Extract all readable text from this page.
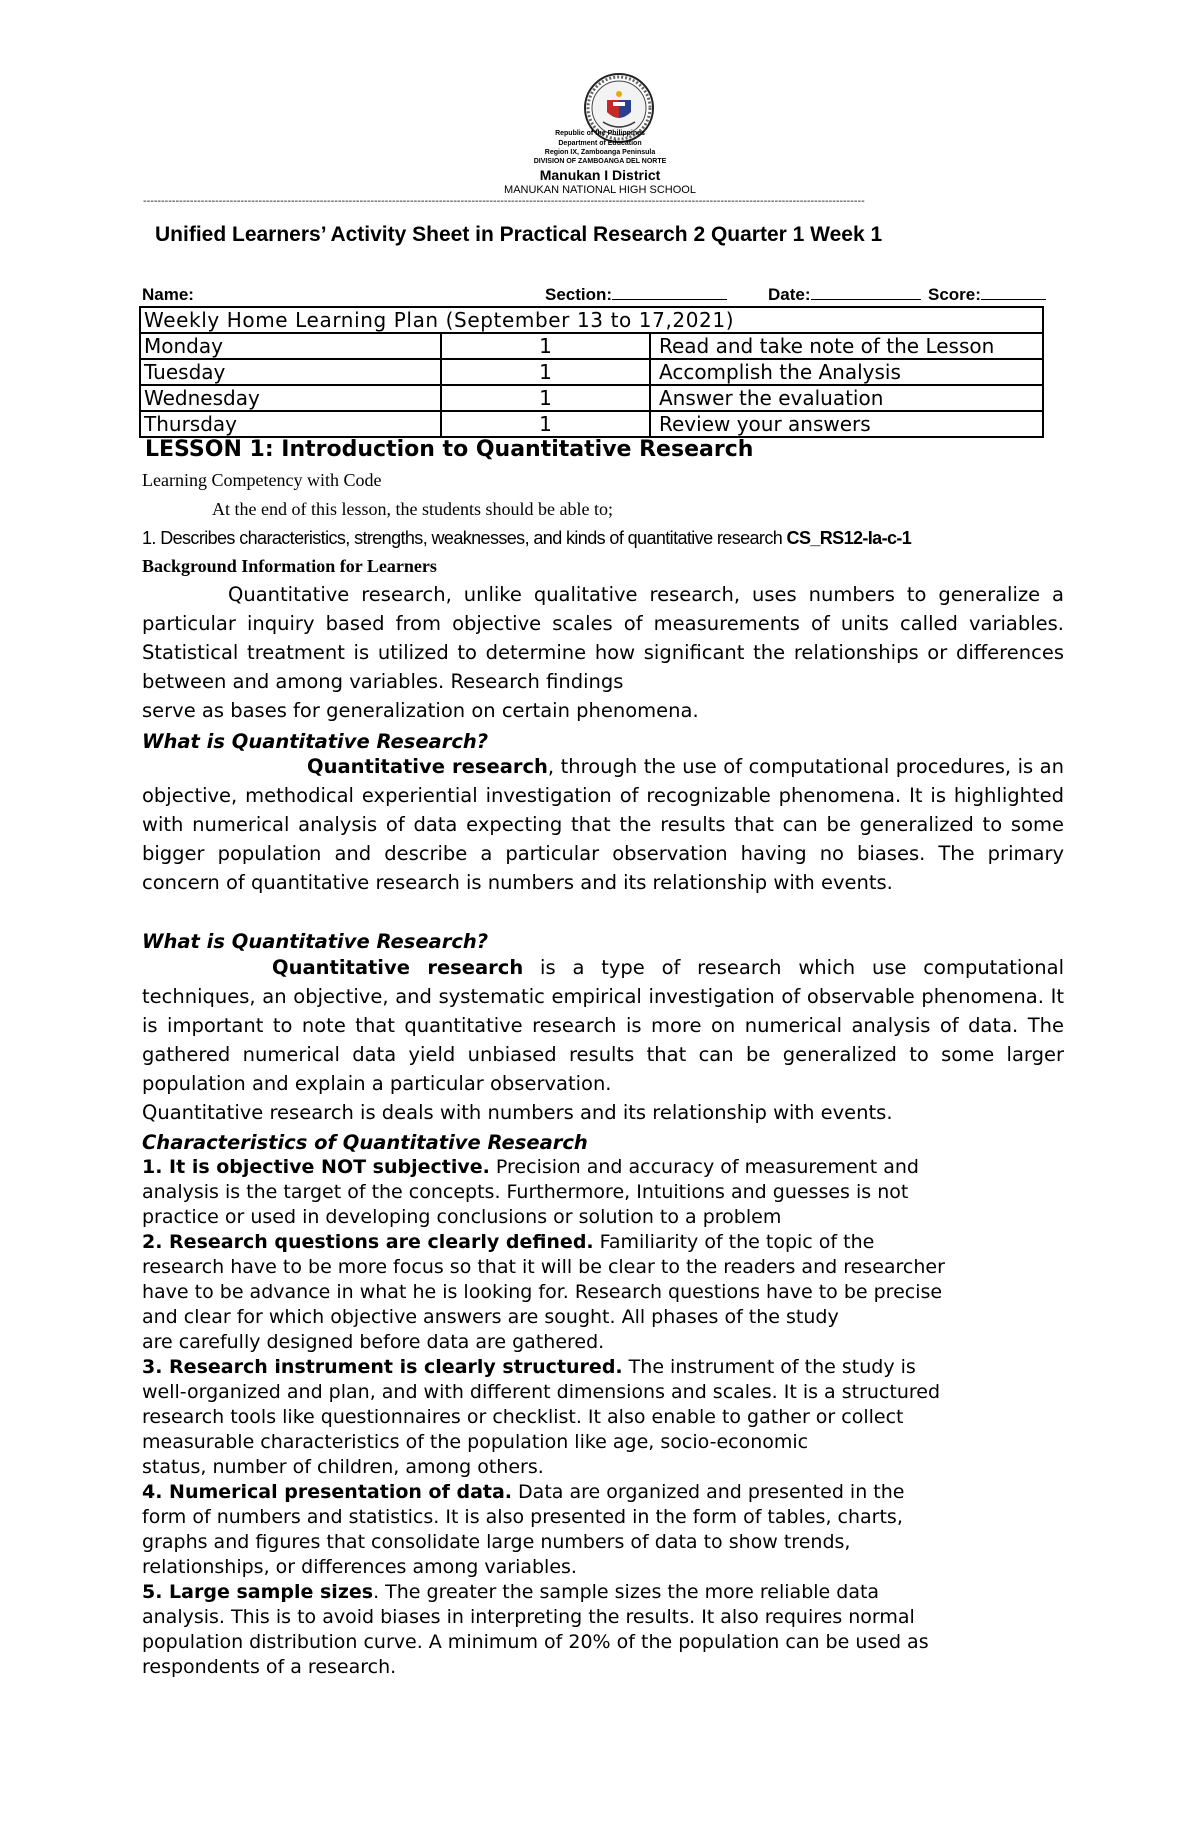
Republic of the Philippines
Department of Education
Region IX, Zamboanga Peninsula
DIVISION OF ZAMBOANGA DEL NORTE
Manukan I District
MANUKAN NATIONAL HIGH SCHOOL
--------------------------------------------------------------------------------------------------------------------------------------------------------------------------------------------------------
Unified Learners’ Activity Sheet in Practical Research 2 Quarter 1 Week 1
Name:	Section:	Date:	Score:
Weekly Home Learning Plan (September 13 to 17,2021)
Monday	1	Read and take note of the Lesson
Tuesday	1	Accomplish the Analysis
Wednesday	1	Answer the evaluation
Thursday	1	Review your answers
LESSON 1: Introduction to Quantitative Research
Learning Competency with Code
At the end of this lesson, the students should be able to;
1. Describes characteristics, strengths, weaknesses, and kinds of quantitative research CS_RS12-Ia-c-1
Background Information for Learners
Quantitative research, unlike qualitative research, uses numbers to generalize a particular inquiry based from objective scales of measurements of units called variables. Statistical treatment is utilized to determine how significant the relationships or differences between and among variables. Research findings
serve as bases for generalization on certain phenomena.
What is Quantitative Research?
Quantitative research, through the use of computational procedures, is an objective, methodical experiential investigation of recognizable phenomena. It is highlighted with numerical analysis of data expecting that the results that can be generalized to some bigger population and describe a particular observation having no biases. The primary concern of quantitative research is numbers and its relationship with events.
What is Quantitative Research?
Quantitative research is a type of research which use computational techniques, an objective, and systematic empirical investigation of observable phenomena. It is important to note that quantitative research is more on numerical analysis of data. The gathered numerical data yield unbiased results that can be generalized to some larger population and explain a particular observation.
Quantitative research is deals with numbers and its relationship with events.
Characteristics of Quantitative Research
1. It is objective NOT subjective. Precision and accuracy of measurement and
analysis is the target of the concepts. Furthermore, Intuitions and guesses is not
practice or used in developing conclusions or solution to a problem
2. Research questions are clearly defined. Familiarity of the topic of the
research have to be more focus so that it will be clear to the readers and researcher
have to be advance in what he is looking for. Research questions have to be precise
and clear for which objective answers are sought. All phases of the study
are carefully designed before data are gathered.
3. Research instrument is clearly structured. The instrument of the study is
well-organized and plan, and with different dimensions and scales. It is a structured
research tools like questionnaires or checklist. It also enable to gather or collect
measurable characteristics of the population like age, socio-economic
status, number of children, among others.
4. Numerical presentation of data. Data are organized and presented in the
form of numbers and statistics. It is also presented in the form of tables, charts,
graphs and figures that consolidate large numbers of data to show trends,
relationships, or differences among variables.
5. Large sample sizes. The greater the sample sizes the more reliable data
analysis. This is to avoid biases in interpreting the results. It also requires normal
population distribution curve. A minimum of 20% of the population can be used as
respondents of a research.
